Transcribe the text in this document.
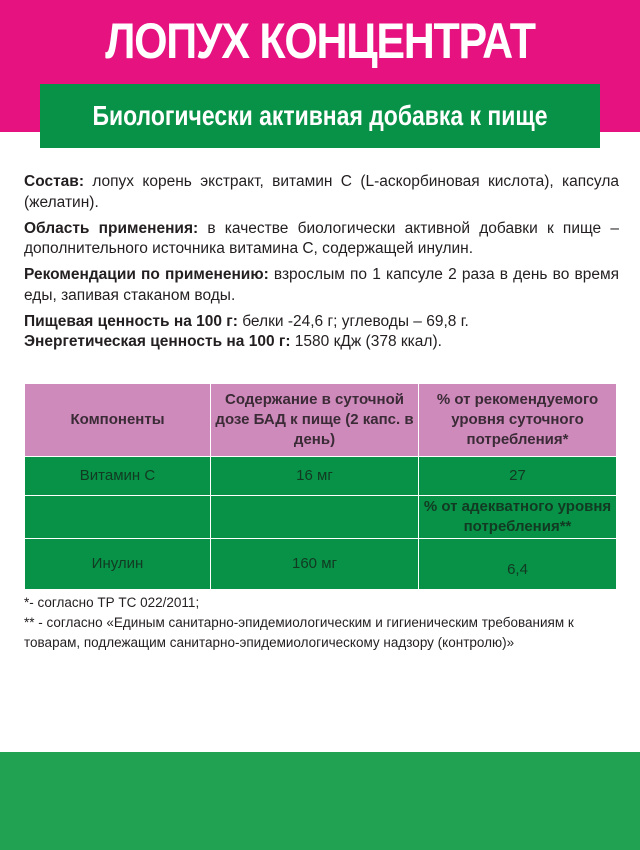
ЛОПУХ КОНЦЕНТРАТ
Биологически активная добавка к пище

Состав: лопух корень экстракт, витамин С (L-аскорбиновая кислота), капсула (желатин).

Область применения: в качестве биологически активной добавки к пище – дополнительного источника витамина С, содержащей инулин.

Рекомендации по применению: взрослым по 1 капсуле 2 раза в день во время еды, запивая стаканом воды.

Пищевая ценность на 100 г: белки -24,6 г; углеводы – 69,8 г.

Энергетическая ценность на 100 г: 1580 кДж (378 ккал).

Компоненты	Содержание в суточной дозе БАД к пище (2 капс. в день)	% от рекомендуемого уровня суточного потребления*
Витамин С	16 мг	27
		% от адекватного уровня потребления**
Инулин	160 мг	6,4

*- согласно ТР ТС 022/2011;

** - согласно «Единым санитарно-эпидемиологическим и гигиеническим требованиям к товарам, подлежащим санитарно-эпидемиологическому надзору (контролю)»
